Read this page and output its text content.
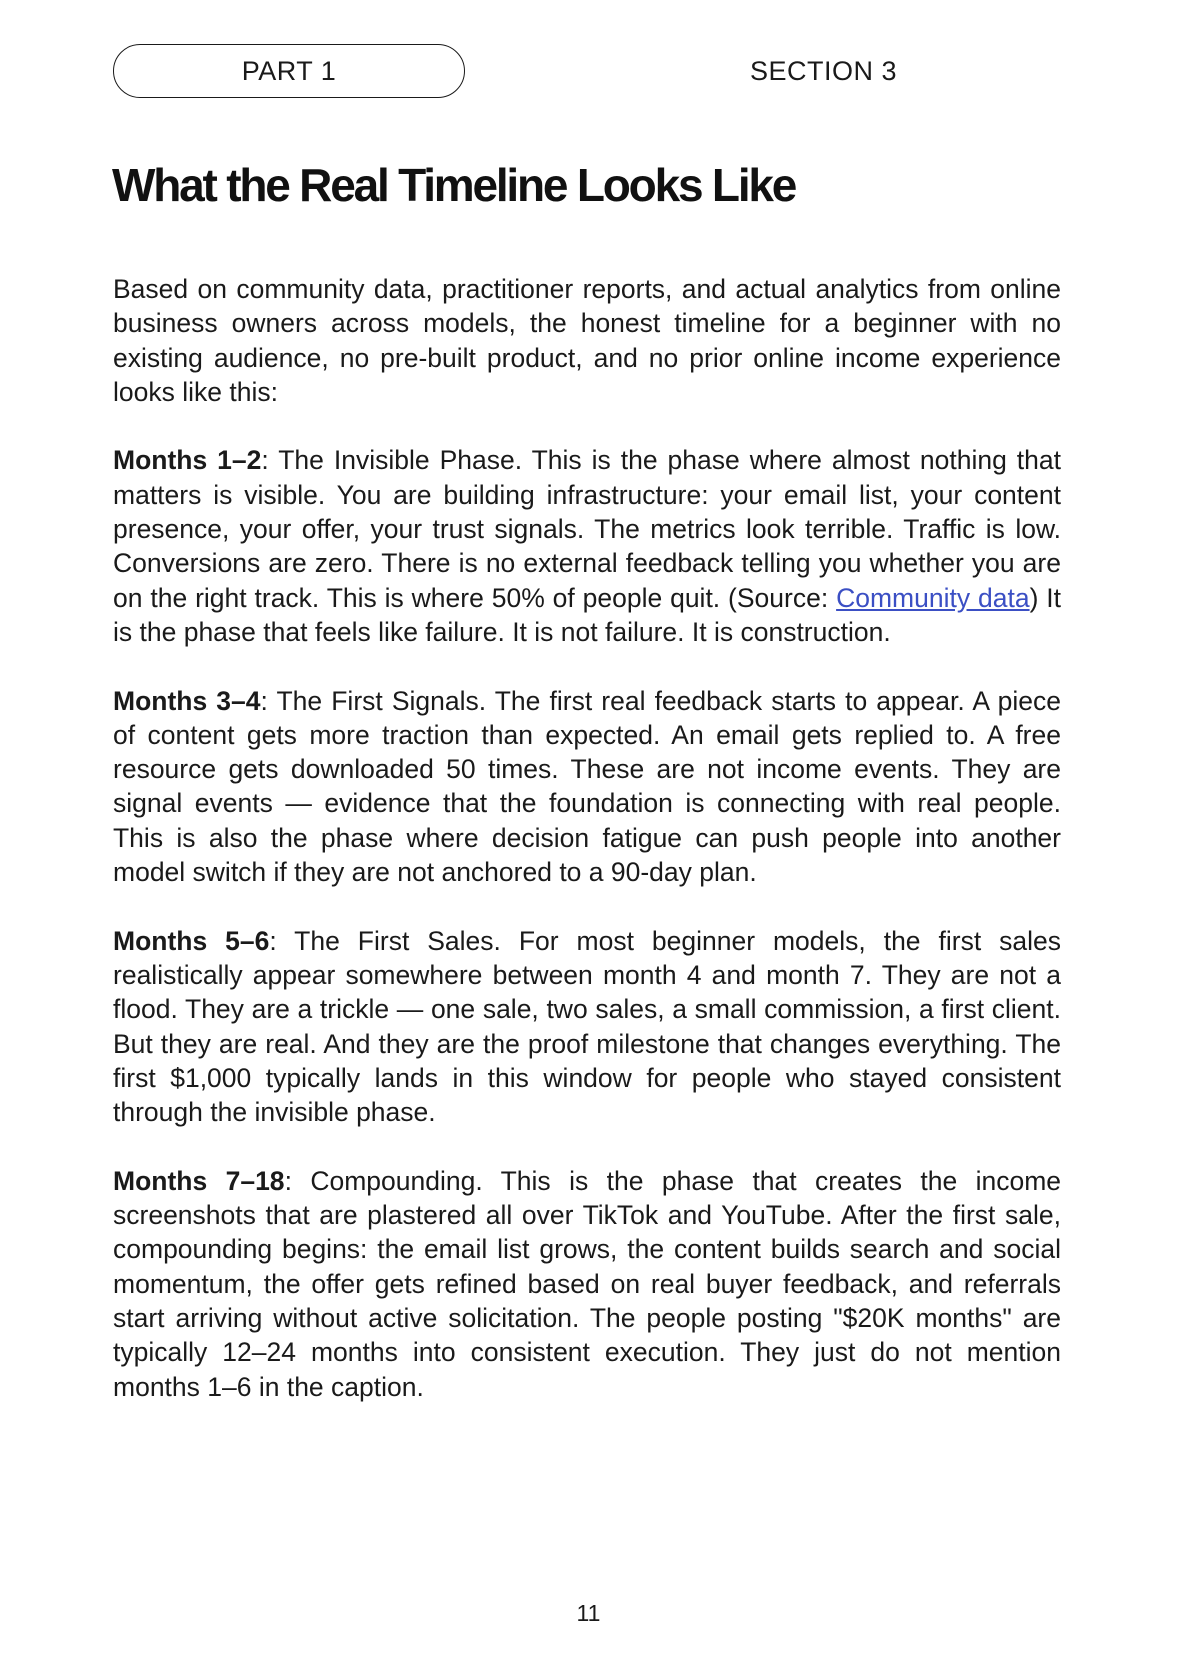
PART 1	SECTION 3
What the Real Timeline Looks Like

Based on community data, practitioner reports, and actual analytics from online business owners across models, the honest timeline for a beginner with no existing audience, no pre-built product, and no prior online income experience looks like this:

Months 1–2: The Invisible Phase. This is the phase where almost nothing that matters is visible. You are building infrastructure: your email list, your content presence, your offer, your trust signals. The metrics look terrible. Traffic is low. Conversions are zero. There is no external feedback telling you whether you are on the right track. This is where 50% of people quit. (Source: Community data) It is the phase that feels like failure. It is not failure. It is construction.

Months 3–4: The First Signals. The first real feedback starts to appear. A piece of content gets more traction than expected. An email gets replied to. A free resource gets downloaded 50 times. These are not income events. They are signal events — evidence that the foundation is connecting with real people. This is also the phase where decision fatigue can push people into another model switch if they are not anchored to a 90-day plan.

Months 5–6: The First Sales. For most beginner models, the first sales realistically appear somewhere between month 4 and month 7. They are not a flood. They are a trickle — one sale, two sales, a small commission, a first client. But they are real. And they are the proof milestone that changes everything. The first $1,000 typically lands in this window for people who stayed consistent through the invisible phase.

Months 7–18: Compounding. This is the phase that creates the income screenshots that are plastered all over TikTok and YouTube. After the first sale, compounding begins: the email list grows, the content builds search and social momentum, the offer gets refined based on real buyer feedback, and referrals start arriving without active solicitation. The people posting "$20K months" are typically 12–24 months into consistent execution. They just do not mention months 1–6 in the caption.

11
